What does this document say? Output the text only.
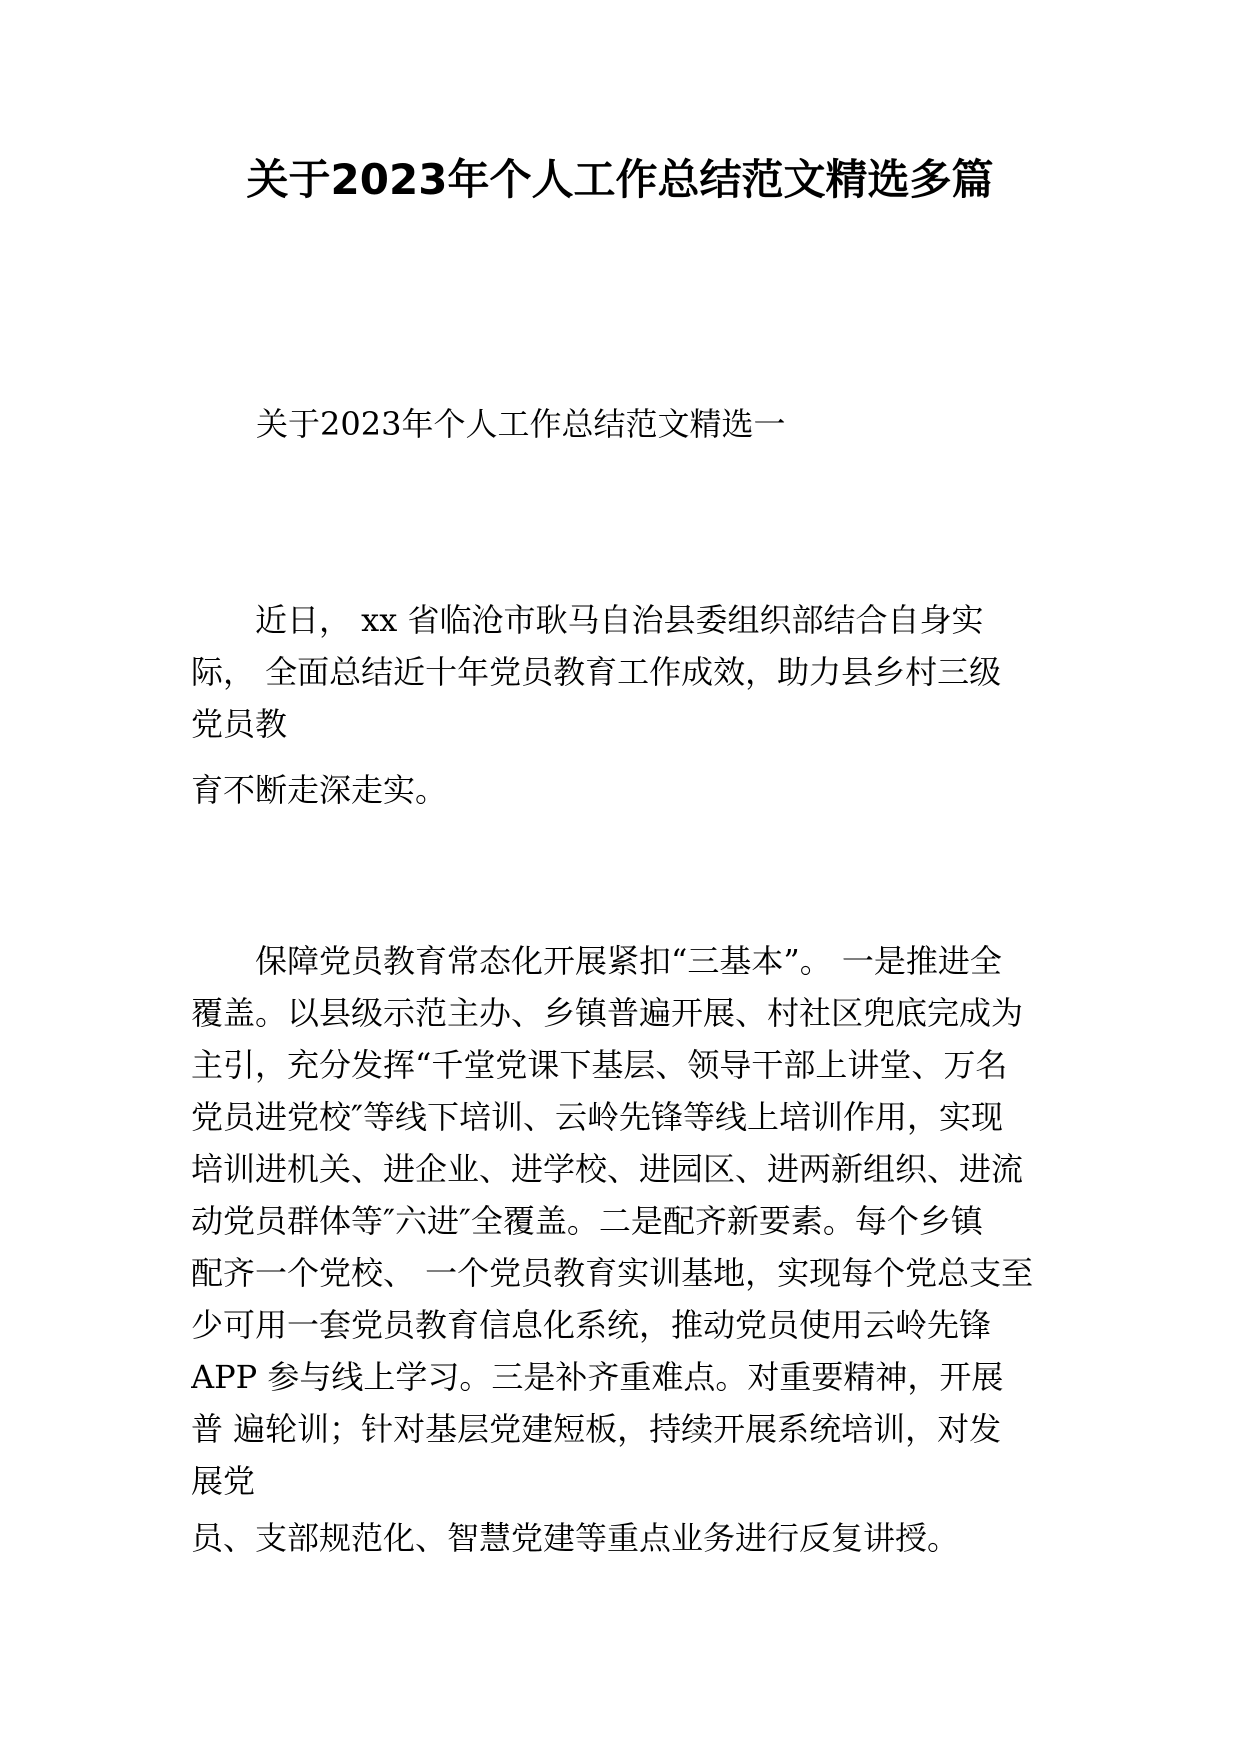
关于2023年个人工作总结范文精选多篇
关于2023年个人工作总结范文精选一
近日， xx 省临沧市耿马自治县委组织部结合自身实
际， 全面总结近十年党员教育工作成效，助力县乡村三级
党员教
育不断走深走实。
保障党员教育常态化开展紧扣“三基本”。 一是推进全
覆盖。以县级示范主办、乡镇普遍开展、村社区兜底完成为
主引，充分发挥“千堂党课下基层、领导干部上讲堂、万名
党员进党校″等线下培训、云岭先锋等线上培训作用，实现
培训进机关、进企业、进学校、进园区、进两新组织、进流
动党员群体等″六进″全覆盖。二是配齐新要素。每个乡镇
配齐一个党校、 一个党员教育实训基地，实现每个党总支至
少可用一套党员教育信息化系统，推动党员使用云岭先锋
APP 参与线上学习。三是补齐重难点。对重要精神，开展
普 遍轮训；针对基层党建短板，持续开展系统培训，对发
展党
员、支部规范化、智慧党建等重点业务进行反复讲授。
